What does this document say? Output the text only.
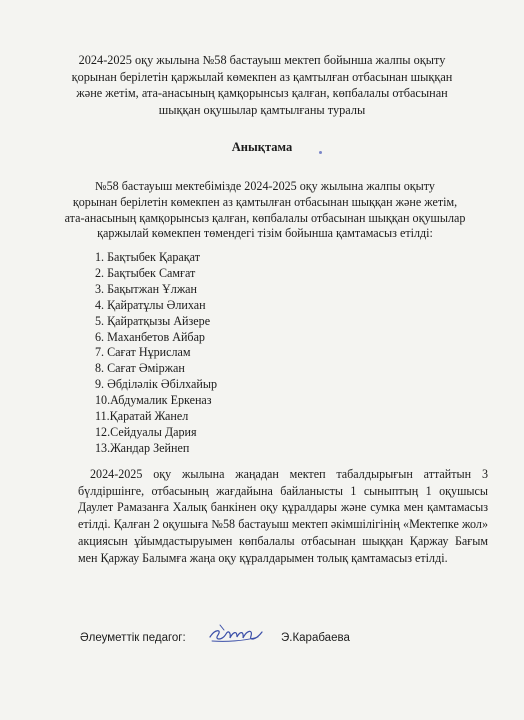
2024-2025 оқу жылына №58 бастауыш мектеп бойынша жалпы оқыту
қорынан берілетін қаржылай көмекпен аз қамтылған отбасынан шыққан
және жетім, ата-анасының қамқорынсыз қалған, көпбалалы отбасынан
шыққан оқушылар қамтылғаны туралы
Анықтама
№58 бастауыш мектебімізде 2024-2025 оқу жылына жалпы оқыту
қорынан берілетін көмекпен аз қамтылған отбасынан шыққан және жетім,
ата-анасының қамқорынсыз қалған, көпбалалы отбасынан шыққан оқушылар
қаржылай көмекпен төмендегі тізім бойынша қамтамасыз етілді:
1. Бақтыбек Қарақат
2. Бақтыбек Самғат
3. Бақытжан Ұлжан
4. Қайратұлы Әлихан
5. Қайратқызы Айзере
6. Маханбетов Айбар
7. Сағат Нұрислам
8. Сағат Әміржан
9. Әбділәлік Әбілхайыр
10.Абдумалик Еркеназ
11.Қаратай Жанел
12.Сейдуалы Дария
13.Жандар Зейнеп

2024-2025 оқу жылына жаңадан мектеп табалдырығын аттайтын 3 бүлдіршінге, отбасының жағдайына байланысты 1 сыныптың 1 оқушысы Даулет Рамазанға Халық банкінен оқу құралдары және сумка мен қамтамасыз етілді. Қалған 2 оқушыға №58 бастауыш мектеп әкімшілігінің «Мектепке жол» акциясын ұйымдастыруымен көпбалалы отбасынан шыққан Қаржау Бағым мен Қаржау Балымға жаңа оқу құралдарымен толық қамтамасыз етілді.

Әлеуметтік педагог:	Э.Карабаева
